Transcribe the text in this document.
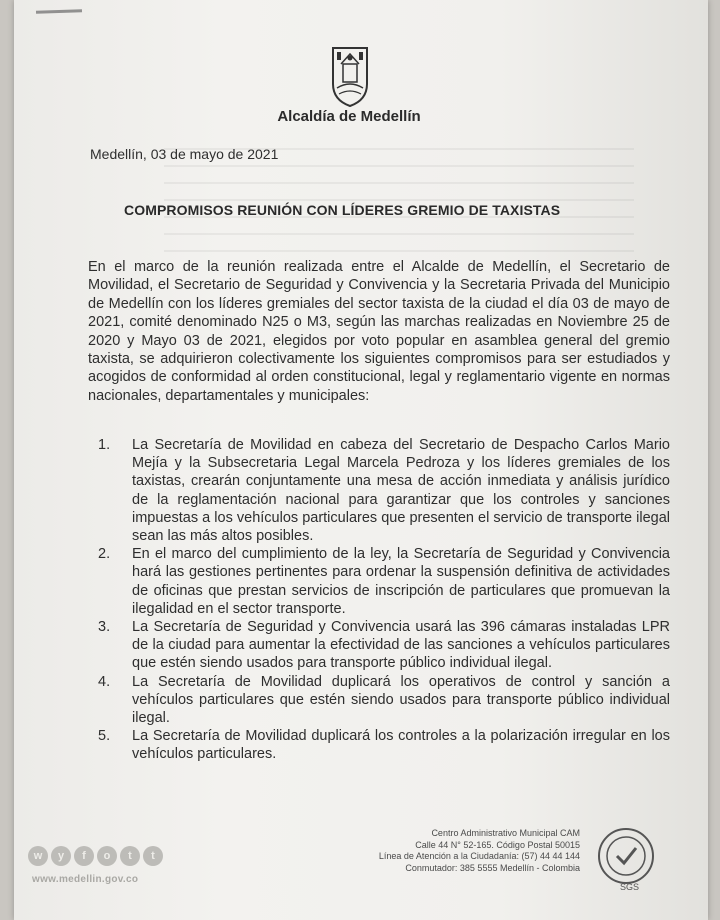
Alcaldía de Medellín
Medellín, 03 de mayo de 2021
COMPROMISOS REUNIÓN CON LÍDERES GREMIO DE TAXISTAS

En el marco de la reunión realizada entre el Alcalde de Medellín, el Secretario de Movilidad, el Secretario de Seguridad y Convivencia y la Secretaria Privada del Municipio de Medellín con los líderes gremiales del sector taxista de la ciudad el día 03 de mayo de 2021, comité denominado N25 o M3, según las marchas realizadas en Noviembre 25 de 2020 y Mayo 03 de 2021, elegidos por voto popular en asamblea general del gremio taxista, se adquirieron colectivamente los siguientes compromisos para ser estudiados y acogidos de conformidad al orden constitucional, legal y reglamentario vigente en normas nacionales, departamentales y municipales:

1.	La Secretaría de Movilidad en cabeza del Secretario de Despacho Carlos Mario Mejía y la Subsecretaria Legal Marcela Pedroza y los líderes gremiales de los taxistas, crearán conjuntamente una mesa de acción inmediata y análisis jurídico de la reglamentación nacional para garantizar que los controles y sanciones impuestas a los vehículos particulares que presenten el servicio de transporte ilegal sean las más altos posibles.
2.	En el marco del cumplimiento de la ley, la Secretaría de Seguridad y Convivencia hará las gestiones pertinentes para ordenar la suspensión definitiva de actividades de oficinas que prestan servicios de inscripción de particulares que promuevan la ilegalidad en el sector transporte.
3.	La Secretaría de Seguridad y Convivencia usará las 396 cámaras instaladas LPR de la ciudad para aumentar la efectividad de las sanciones a vehículos particulares que estén siendo usados para transporte público individual ilegal.
4.	La Secretaría de Movilidad duplicará los operativos de control y sanción a vehículos particulares que estén siendo usados para transporte público individual ilegal.
5.	La Secretaría de Movilidad duplicará los controles a la polarización irregular en los vehículos particulares.
w	y	f	o	t	t
www.medellin.gov.co
Centro Administrativo Municipal CAM
Calle 44 N° 52-165. Código Postal 50015
Línea de Atención a la Ciudadanía: (57) 44 44 144
Conmutador: 385 5555 Medellín - Colombia
SGS
